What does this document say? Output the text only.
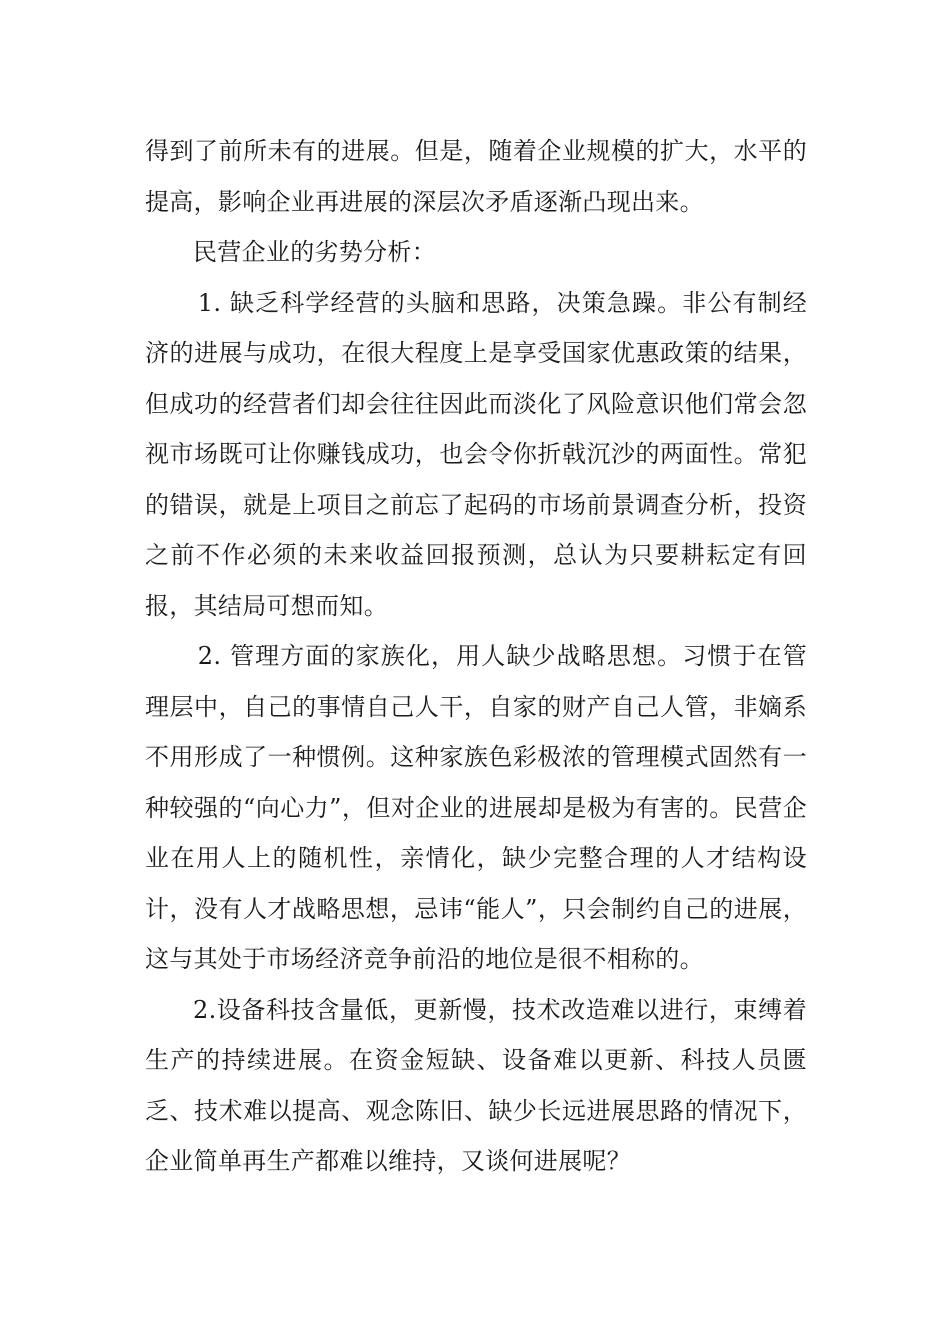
得到了前所未有的进展。但是，随着企业规模的扩大，水平的提高，影响企业再进展的深层次矛盾逐渐凸现出来。

民营企业的劣势分析：

1. 缺乏科学经营的头脑和思路，决策急躁。非公有制经济的进展与成功，在很大程度上是享受国家优惠政策的结果，但成功的经营者们却会往往因此而淡化了风险意识他们常会忽视市场既可让你赚钱成功，也会令你折戟沉沙的两面性。常犯的错误，就是上项目之前忘了起码的市场前景调查分析，投资之前不作必须的未来收益回报预测，总认为只要耕耘定有回报，其结局可想而知。

2. 管理方面的家族化，用人缺少战略思想。习惯于在管理层中，自己的事情自己人干，自家的财产自己人管，非嫡系不用形成了一种惯例。这种家族色彩极浓的管理模式固然有一种较强的“向心力”，但对企业的进展却是极为有害的。民营企业在用人上的随机性，亲情化，缺少完整合理的人才结构设计，没有人才战略思想，忌讳“能人”，只会制约自己的进展，这与其处于市场经济竞争前沿的地位是很不相称的。

2.设备科技含量低，更新慢，技术改造难以进行，束缚着生产的持续进展。在资金短缺、设备难以更新、科技人员匮乏、技术难以提高、观念陈旧、缺少长远进展思路的情况下，企业简单再生产都难以维持，又谈何进展呢？
